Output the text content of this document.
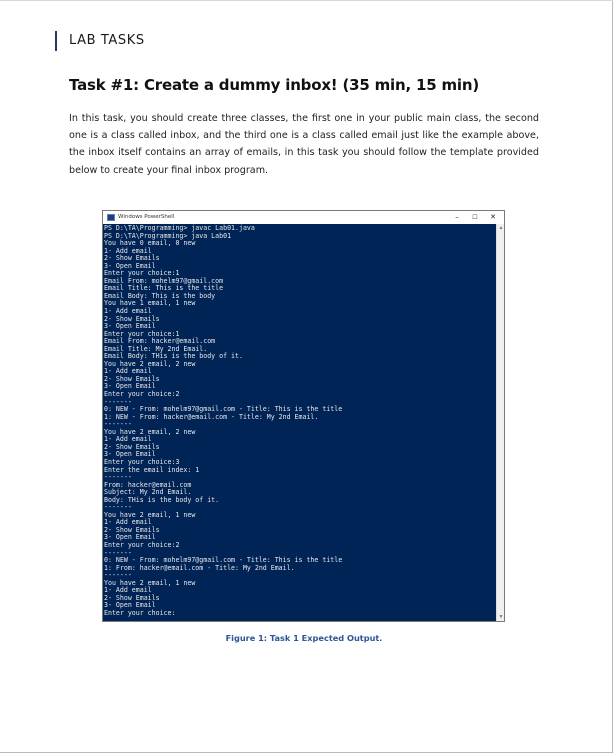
LAB TASKS
Task #1: Create a dummy inbox! (35 min, 15 min)
In this task, you should create three classes, the first one in your public main class, the second one is a class called inbox, and the third one is a class called email just like the example above, the inbox itself contains an array of emails, in this task you should follow the template provided below to create your final inbox program.
Windows PowerShell	–	☐	✕
PS D:\TA\Programming> javac Lab01.java
PS D:\TA\Programming> java Lab01
You have 0 email, 0 new
1- Add email
2- Show Emails
3- Open Email
Enter your choice:1
Email From: mohelm97@gmail.com
Email Title: This is the title
Email Body: This is the body
You have 1 email, 1 new
1- Add email
2- Show Emails
3- Open Email
Enter your choice:1
Email From: hacker@email.com
Email Title: My 2nd Email.
Email Body: THis is the body of it.
You have 2 email, 2 new
1- Add email
2- Show Emails
3- Open Email
Enter your choice:2
-------
0: NEW - From: mohelm97@gmail.com - Title: This is the title
1: NEW - From: hacker@email.com - Title: My 2nd Email.
-------
You have 2 email, 2 new
1- Add email
2- Show Emails
3- Open Email
Enter your choice:3
Enter the email index: 1
-------
From: hacker@email.com
Subject: My 2nd Email.
Body: THis is the body of it.
-------
You have 2 email, 1 new
1- Add email
2- Show Emails
3- Open Email
Enter your choice:2
-------
0: NEW - From: mohelm97@gmail.com - Title: This is the title
1: From: hacker@email.com - Title: My 2nd Email.
-------
You have 2 email, 1 new
1- Add email
2- Show Emails
3- Open Email
Enter your choice:
▲
▼
Figure 1: Task 1 Expected Output.
